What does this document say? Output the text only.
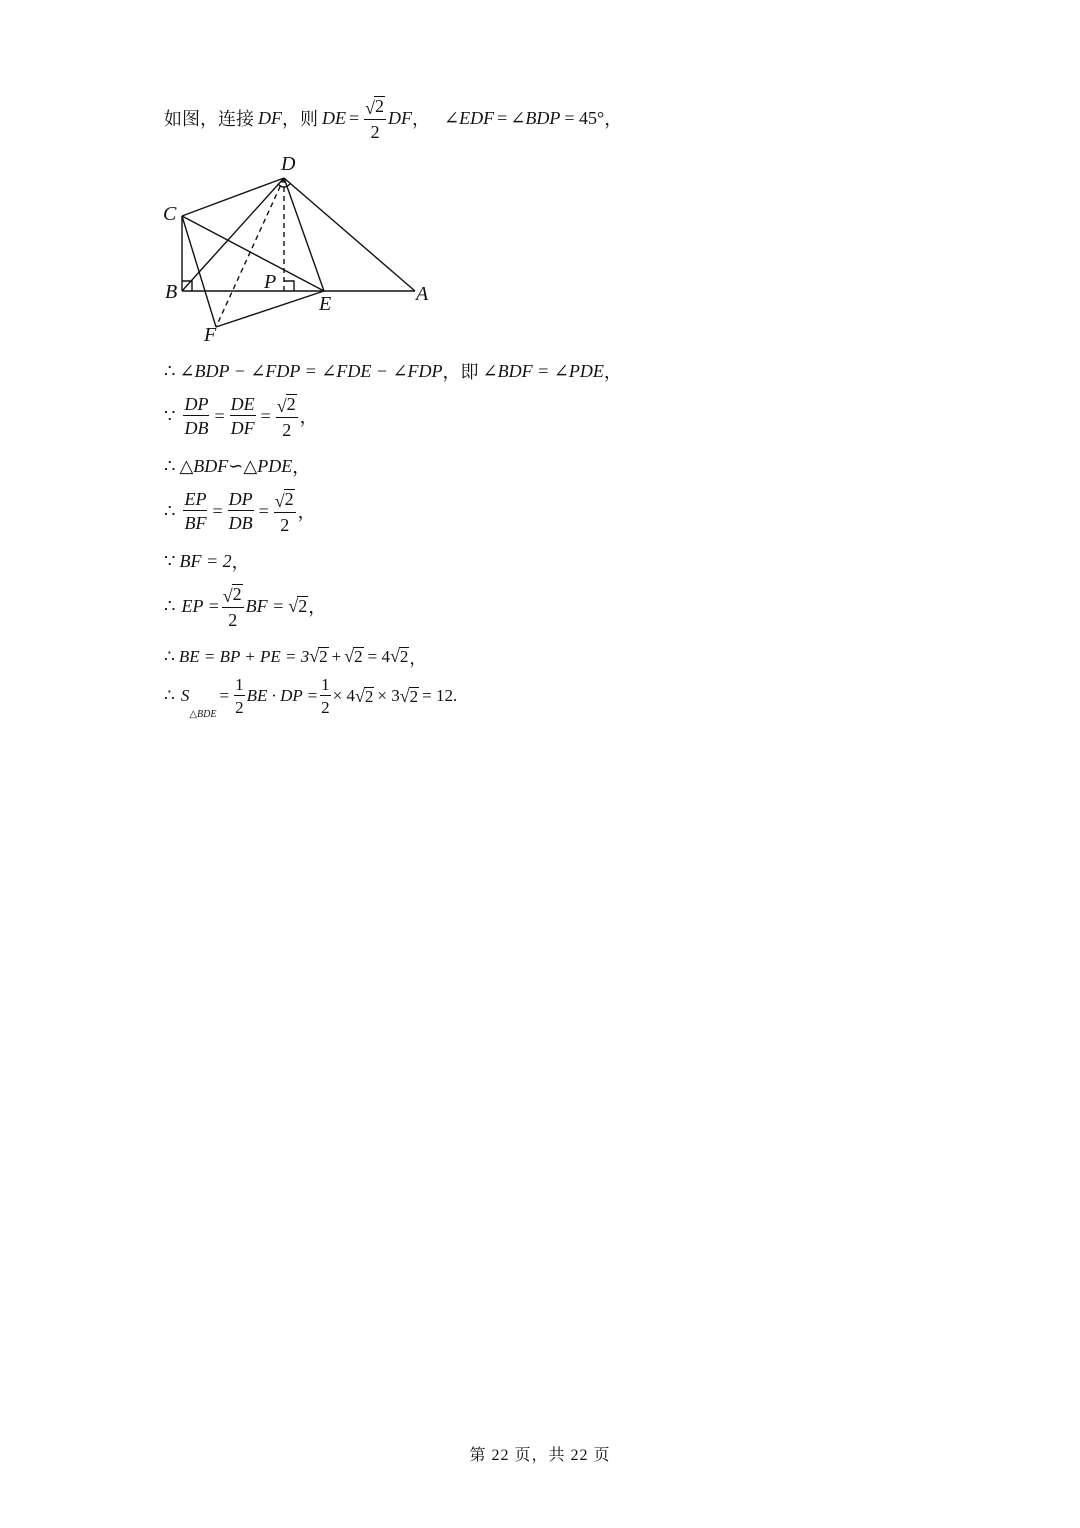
如图，连接 DF ，则 DE = $\frac{√ 2}{2}$ DF ， ∠EDF = ∠BDP = 45° ，
D
C
B	P
E	A
F
∴ ∠BDP − ∠FDP = ∠FDE − ∠FDP ，即 ∠BDF = ∠PDE ，
∵ $\frac{DP}{DB} = \frac{DE}{DF} = \frac{√ 2}{2}$ ，
∴ △BDF∽△PDE ，
∴ $\frac{EP}{BF} = \frac{DP}{DB} = \frac{√ 2}{2}$ ，
∵ BF = 2 ，
∴ EP = $\frac{√ 2}{2}$ BF = √ 2 ，
∴ BE = BP + PE = 3 √ 2 + √ 2 = 4 √ 2 ，
∴ S
△BDE
= $\frac{1}{2}$ BE · DP = $\frac{1}{2} \times 4$ √ 2 × 3 √ 2 = 12 .
第 22 页，共 22 页
